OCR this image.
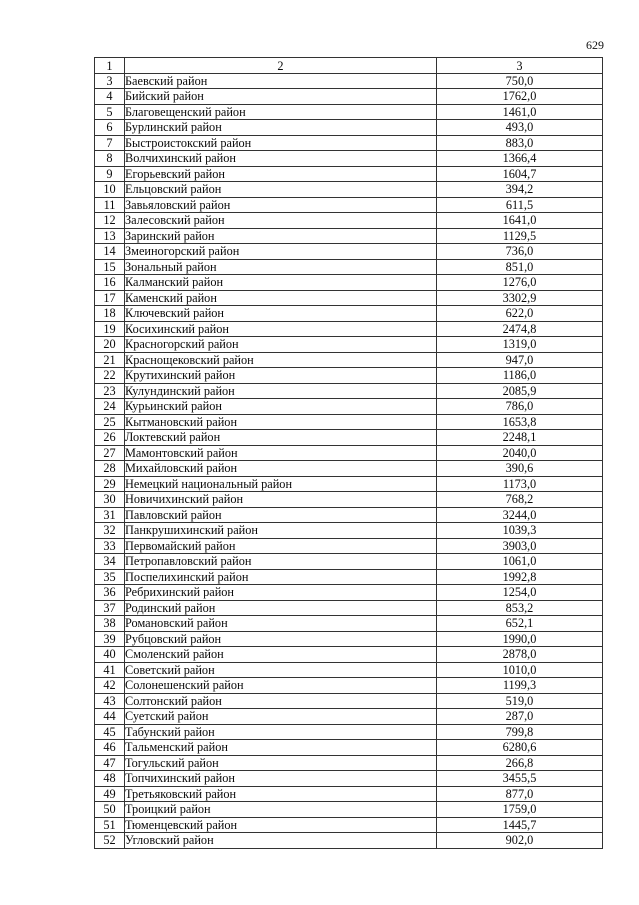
629
1	2	3
3	Баевский район	750,0
4	Бийский район	1762,0
5	Благовещенский район	1461,0
6	Бурлинский район	493,0
7	Быстроистокский район	883,0
8	Волчихинский район	1366,4
9	Егорьевский район	1604,7
10	Ельцовский район	394,2
11	Завьяловский район	611,5
12	Залесовский район	1641,0
13	Заринский район	1129,5
14	Змеиногорский район	736,0
15	Зональный район	851,0
16	Калманский район	1276,0
17	Каменский район	3302,9
18	Ключевский район	622,0
19	Косихинский район	2474,8
20	Красногорский район	1319,0
21	Краснощековский район	947,0
22	Крутихинский район	1186,0
23	Кулундинский район	2085,9
24	Курьинский район	786,0
25	Кытмановский район	1653,8
26	Локтевский район	2248,1
27	Мамонтовский район	2040,0
28	Михайловский район	390,6
29	Немецкий национальный район	1173,0
30	Новичихинский район	768,2
31	Павловский район	3244,0
32	Панкрушихинский район	1039,3
33	Первомайский район	3903,0
34	Петропавловский район	1061,0
35	Поспелихинский район	1992,8
36	Ребрихинский район	1254,0
37	Родинский район	853,2
38	Романовский район	652,1
39	Рубцовский район	1990,0
40	Смоленский район	2878,0
41	Советский район	1010,0
42	Солонешенский район	1199,3
43	Солтонский район	519,0
44	Суетский район	287,0
45	Табунский район	799,8
46	Тальменский район	6280,6
47	Тогульский район	266,8
48	Топчихинский район	3455,5
49	Третьяковский район	877,0
50	Троицкий район	1759,0
51	Тюменцевский район	1445,7
52	Угловский район	902,0
